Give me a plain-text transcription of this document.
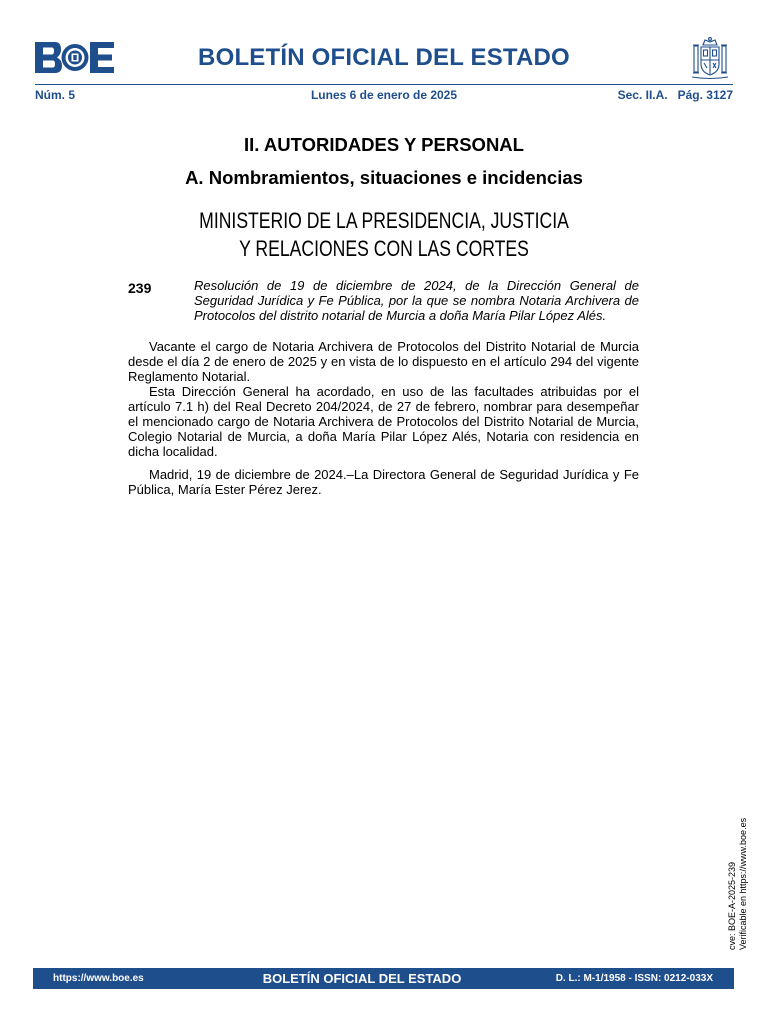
BOLETÍN OFICIAL DEL ESTADO
Núm. 5	Lunes 6 de enero de 2025	Sec. II.A. Pág. 3127
II. AUTORIDADES Y PERSONAL
A. Nombramientos, situaciones e incidencias
MINISTERIO DE LA PRESIDENCIA, JUSTICIA
Y RELACIONES CON LAS CORTES
239	Resolución de 19 de diciembre de 2024, de la Dirección General de Seguridad Jurídica y Fe Pública, por la que se nombra Notaria Archivera de Protocolos del distrito notarial de Murcia a doña María Pilar López Alés.

Vacante el cargo de Notaria Archivera de Protocolos del Distrito Notarial de Murcia desde el día 2 de enero de 2025 y en vista de lo dispuesto en el artículo 294 del vigente Reglamento Notarial.

Esta Dirección General ha acordado, en uso de las facultades atribuidas por el artículo 7.1 h) del Real Decreto 204/2024, de 27 de febrero, nombrar para desempeñar el mencionado cargo de Notaria Archivera de Protocolos del Distrito Notarial de Murcia, Colegio Notarial de Murcia, a doña María Pilar López Alés, Notaria con residencia en dicha localidad.

Madrid, 19 de diciembre de 2024.–La Directora General de Seguridad Jurídica y Fe Pública, María Ester Pérez Jerez.

cve: BOE-A-2025-239 Verificable en https://www.boe.es
https://www.boe.es	BOLETÍN OFICIAL DEL ESTADO	D. L.: M-1/1958 - ISSN: 0212-033X
